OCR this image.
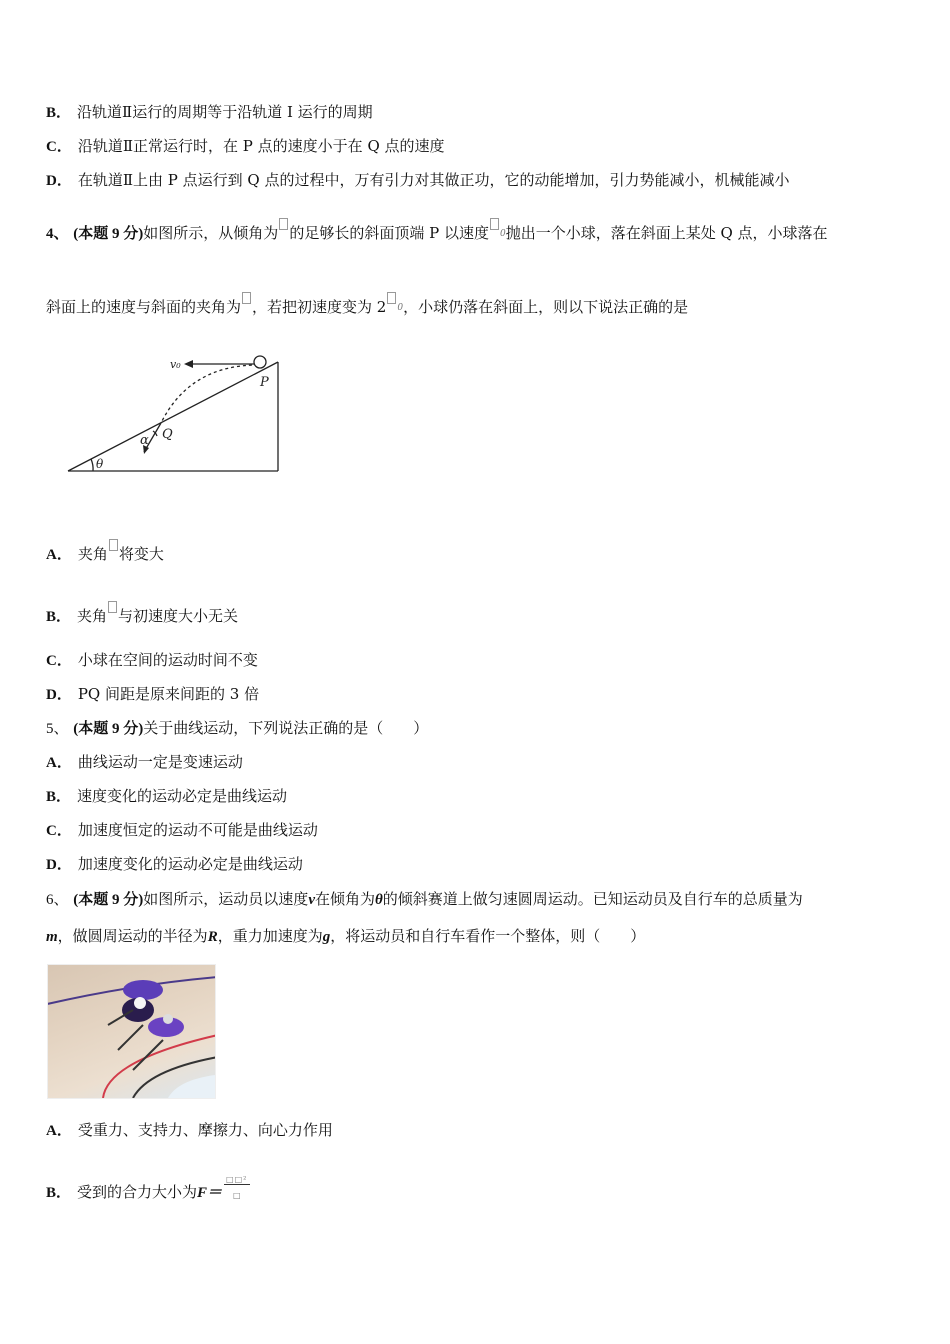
B． 沿轨道Ⅱ运行的周期等于沿轨道 I 运行的周期
C． 沿轨道Ⅱ正常运行时，在 P 点的速度小于在 Q 点的速度
D． 在轨道Ⅱ上由 P 点运行到 Q 点的过程中，万有引力对其做正功，它的动能增加，引力势能减小，机械能减小
4、 (本题 9 分)如图所示，从倾角为 的足够长的斜面顶端 P 以速度 0抛出一个小球，落在斜面上某处 Q 点，小球落在
斜面上的速度与斜面的夹角为 ，若把初速度变为 2 0，小球仍落在斜面上，则以下说法正确的是
v₀
P
Q
α
θ
A． 夹角 将变大
B． 夹角 与初速度大小无关
C． 小球在空间的运动时间不变
D． PQ 间距是原来间距的 3 倍
5、 (本题 9 分)关于曲线运动，下列说法正确的是（　　）
A． 曲线运动一定是变速运动
B． 速度变化的运动必定是曲线运动
C． 加速度恒定的运动不可能是曲线运动
D． 加速度变化的运动必定是曲线运动
6、 (本题 9 分)如图所示，运动员以速度v在倾角为θ的倾斜赛道上做匀速圆周运动。已知运动员及自行车的总质量为
m，做圆周运动的半径为R，重力加速度为g，将运动员和自行车看作一个整体，则（　　）
A． 受重力、支持力、摩擦力、向心力作用
B． 受到的合力大小为$F= \frac{\text{□□²}}{□}$
